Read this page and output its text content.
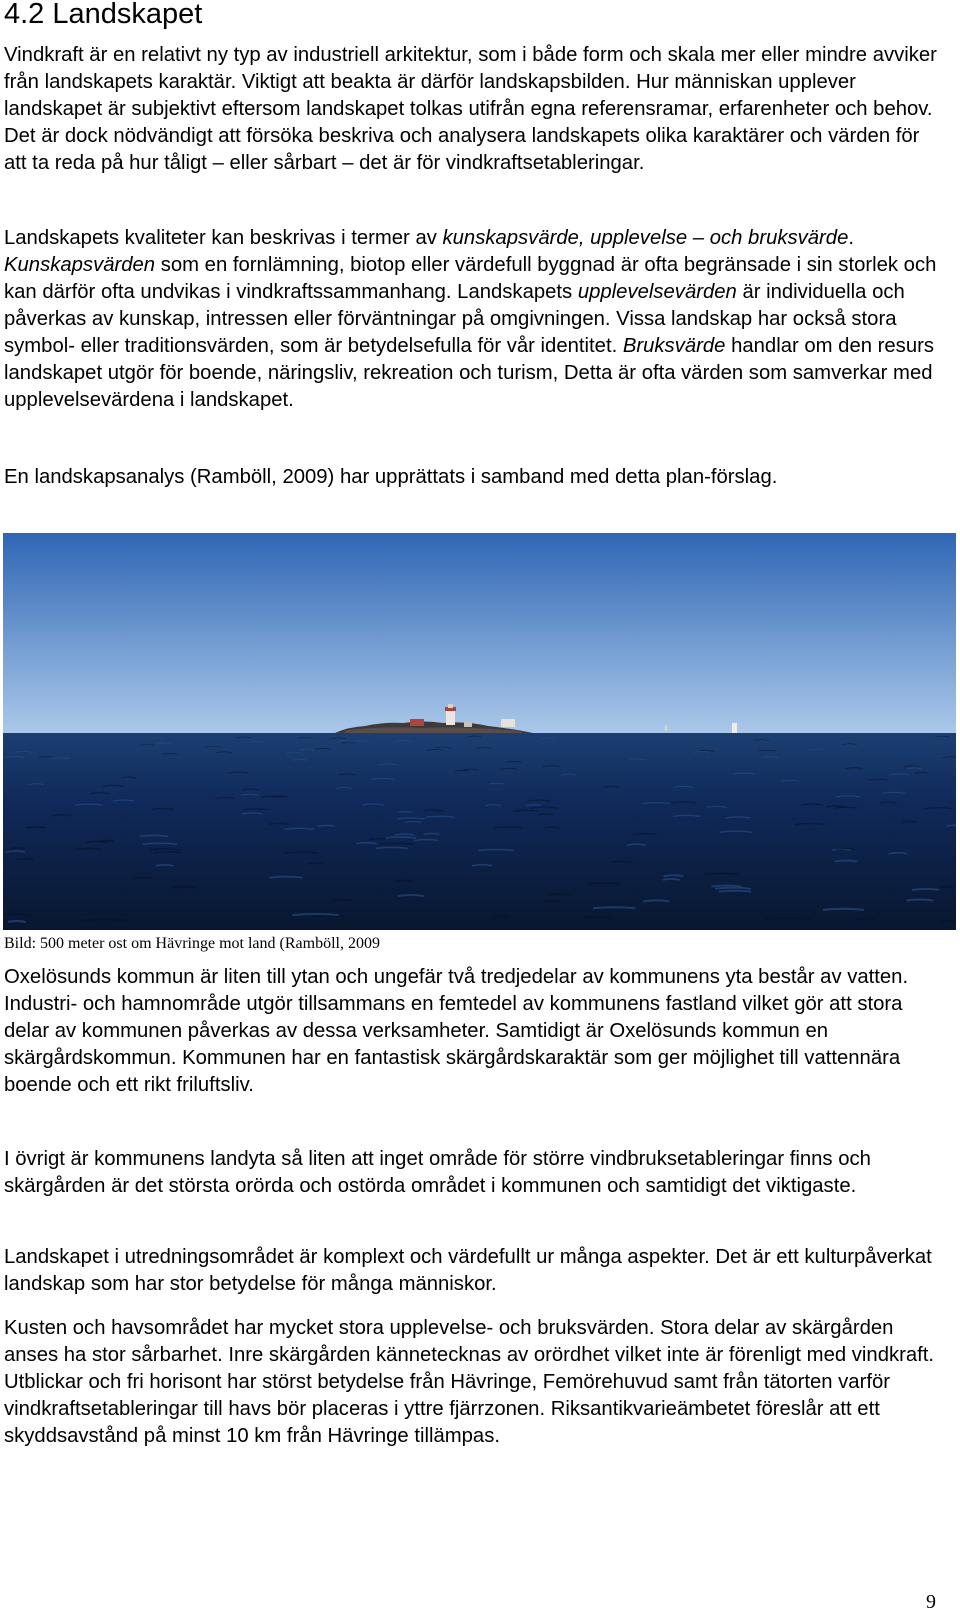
4.2 Landskapet

Vindkraft är en relativt ny typ av industriell arkitektur, som i både form och skala mer eller mindre avviker från landskapets karaktär. Viktigt att beakta är därför landskapsbilden. Hur människan upplever landskapet är subjektivt eftersom landskapet tolkas utifrån egna referensramar, erfarenheter och behov. Det är dock nödvändigt att försöka beskriva och analysera landskapets olika karaktärer och värden för att ta reda på hur tåligt – eller sårbart – det är för vindkraftsetableringar.

Landskapets kvaliteter kan beskrivas i termer av kunskapsvärde, upplevelse – och bruksvärde. Kunskapsvärden som en fornlämning, biotop eller värdefull byggnad är ofta begränsade i sin storlek och kan därför ofta undvikas i vindkraftssammanhang. Landskapets upplevelsevärden är individuella och påverkas av kunskap, intressen eller förväntningar på omgivningen. Vissa landskap har också stora symbol- eller traditionsvärden, som är betydelsefulla för vår identitet. Bruksvärde handlar om den resurs landskapet utgör för boende, näringsliv, rekreation och turism, Detta är ofta värden som samverkar med upplevelsevärdena i landskapet.

En landskapsanalys (Ramböll, 2009) har upprättats i samband med detta plan-förslag.

Bild: 500 meter ost om Hävringe mot land (Ramböll, 2009

Oxelösunds kommun är liten till ytan och ungefär två tredjedelar av kommunens yta består av vatten. Industri- och hamnområde utgör tillsammans en femtedel av kommunens fastland vilket gör att stora delar av kommunen påverkas av dessa verksamheter. Samtidigt är Oxelösunds kommun en skärgårdskommun. Kommunen har en fantastisk skärgårdskaraktär som ger möjlighet till vattennära boende och ett rikt friluftsliv.

I övrigt är kommunens landyta så liten att inget område för större vindbruksetableringar finns och skärgården är det största orörda och ostörda området i kommunen och samtidigt det viktigaste.

Landskapet i utredningsområdet är komplext och värdefullt ur många aspekter. Det är ett kulturpåverkat landskap som har stor betydelse för många människor.

Kusten och havsområdet har mycket stora upplevelse- och bruksvärden. Stora delar av skärgården anses ha stor sårbarhet. Inre skärgården kännetecknas av orördhet vilket inte är förenligt med vindkraft. Utblickar och fri horisont har störst betydelse från Hävringe, Femörehuvud samt från tätorten varför vindkraftsetableringar till havs bör placeras i yttre fjärrzonen. Riksantikvarieämbetet föreslår att ett skyddsavstånd på minst 10 km från Hävringe tillämpas.

9
